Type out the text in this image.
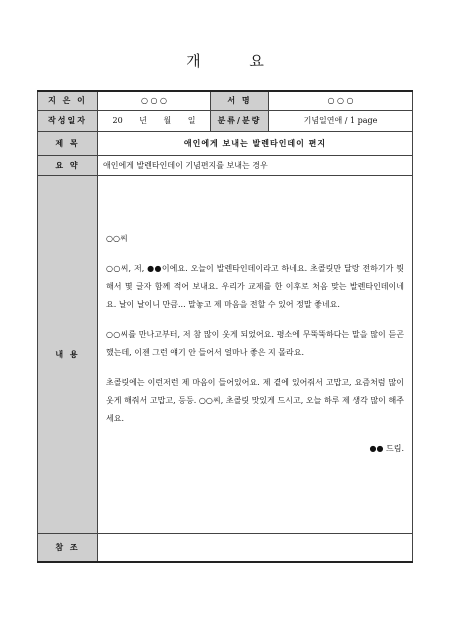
개 요
지 은 이	○ ○ ○	서 명	○ ○ ○
작성일자	20 년 월 일	분류/분량	기념일연애 / 1 page
제 목	애인에게 보내는 발렌타인데이 편지		
요 약	애인에게 발렌타인데이 기념편지를 보내는 경우		
내 용	○○씨

○○씨, 저, ●●이에요. 오늘이 발렌타인데이라고 하네요. 초콜릿만 달랑 전하기가 뭣해서 몇 글자 함께 적어 보내요. 우리가 교제를 한 이후로 처음 맞는 발렌타인데이네요. 날이 날이니 만큼... 말놓고 제 마음을 전할 수 있어 정말 좋네요.

○○씨를 만나고부터, 저 참 많이 웃게 되었어요. 평소에 무뚝뚝하다는 말을 많이 듣곤 했는데, 이젠 그런 얘기 안 들어서 얼마나 좋은 지 몰라요.

초콜릿에는 이런저런 제 마음이 들어있어요. 제 곁에 있어줘서 고맙고, 요즘처럼 많이 웃게 해줘서 고맙고, 등등. ○○씨, 초콜릿 맛있게 드시고, 오늘 하루 제 생각 많이 해주세요.

●● 드림.		

참 조			
